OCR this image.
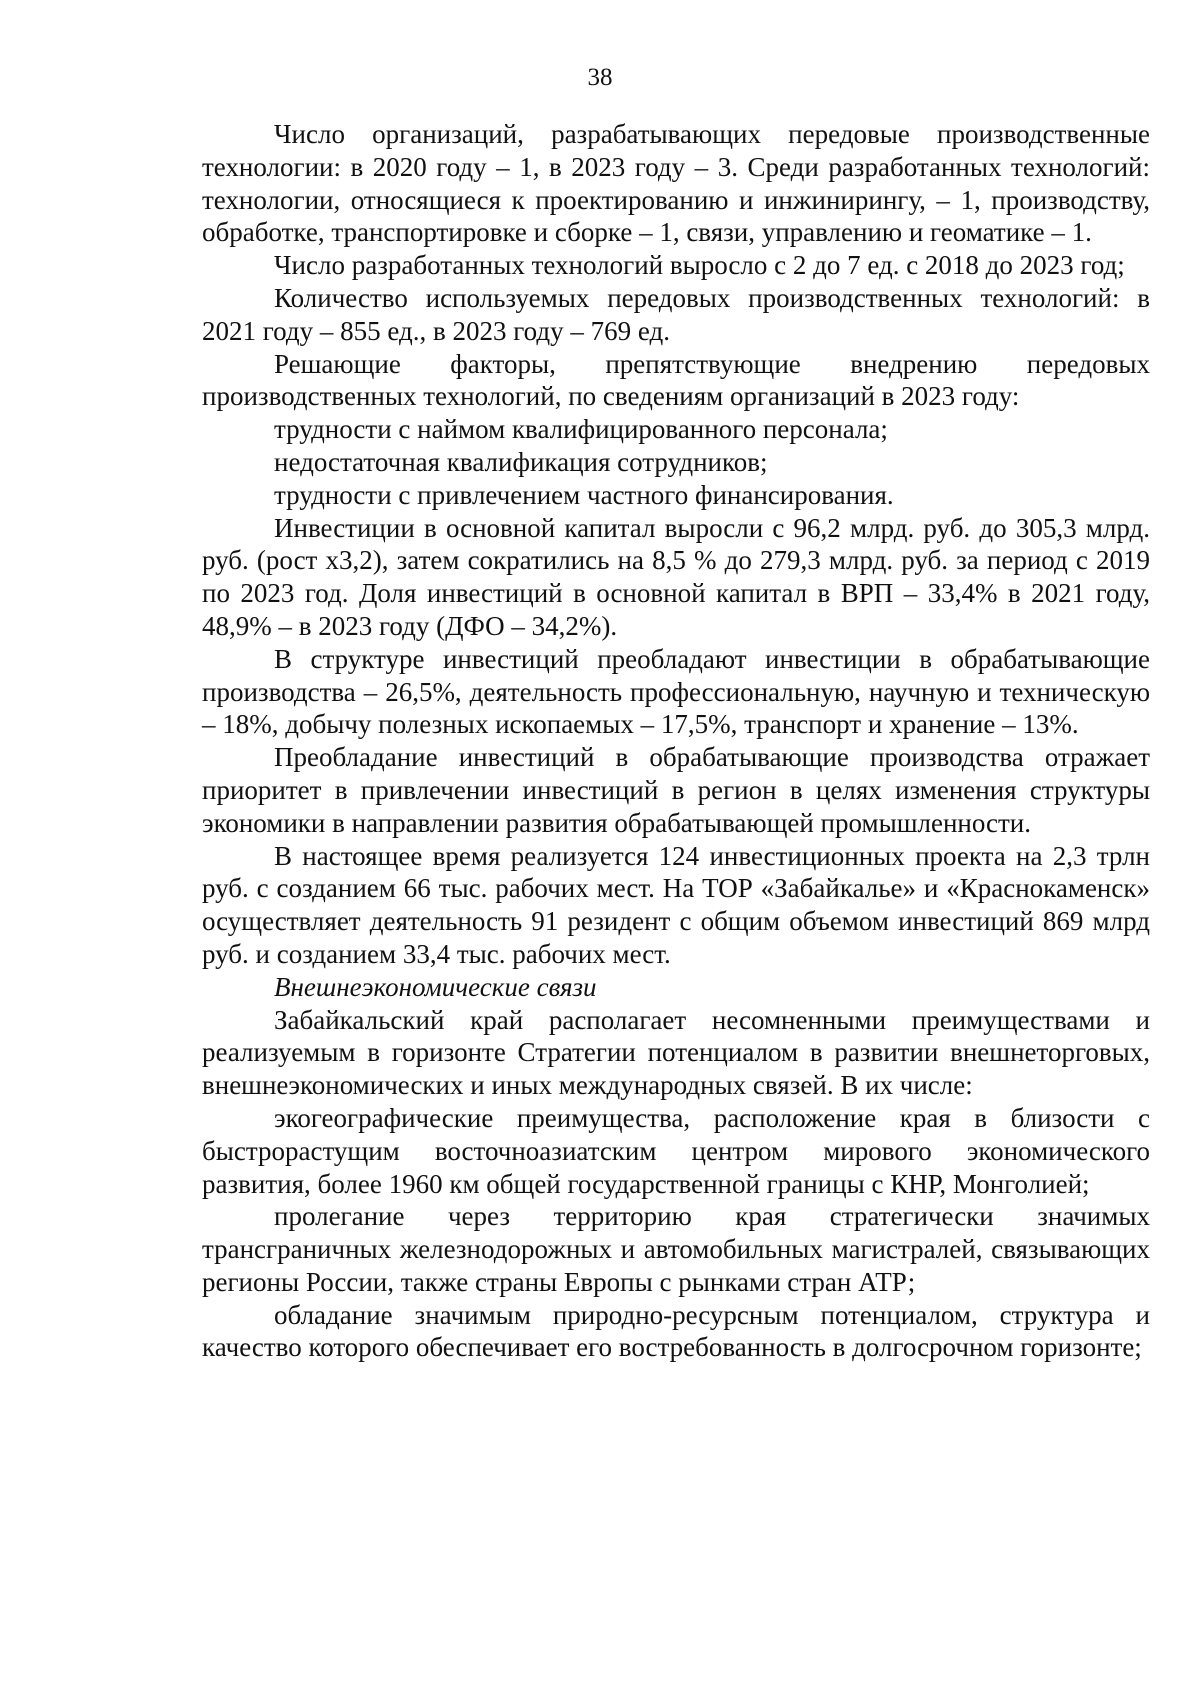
38

Число организаций, разрабатывающих передовые производственные технологии: в 2020 году – 1, в 2023 году – 3. Среди разработанных технологий: технологии, относящиеся к проектированию и инжинирингу, – 1, производству, обработке, транспортировке и сборке – 1, связи, управлению и геоматике – 1.

Число разработанных технологий выросло с 2 до 7 ед. с 2018 до 2023 год;

Количество используемых передовых производственных технологий: в 2021 году – 855 ед., в 2023 году – 769 ед.

Решающие факторы, препятствующие внедрению передовых производственных технологий, по сведениям организаций в 2023 году:

трудности с наймом квалифицированного персонала;

недостаточная квалификация сотрудников;

трудности с привлечением частного финансирования.

Инвестиции в основной капитал выросли с 96,2 млрд. руб. до 305,3 млрд. руб. (рост x3,2), затем сократились на 8,5 % до 279,3 млрд. руб. за период с 2019 по 2023 год. Доля инвестиций в основной капитал в ВРП – 33,4% в 2021 году, 48,9% – в 2023 году (ДФО – 34,2%).

В структуре инвестиций преобладают инвестиции в обрабатывающие производства – 26,5%, деятельность профессиональную, научную и техническую – 18%, добычу полезных ископаемых – 17,5%, транспорт и хранение – 13%.

Преобладание инвестиций в обрабатывающие производства отражает приоритет в привлечении инвестиций в регион в целях изменения структуры экономики в направлении развития обрабатывающей промышленности.

В настоящее время реализуется 124 инвестиционных проекта на 2,3 трлн руб. с созданием 66 тыс. рабочих мест. На ТОР «Забайкалье» и «Краснокаменск» осуществляет деятельность 91 резидент с общим объемом инвестиций 869 млрд руб. и созданием 33,4 тыс. рабочих мест.

Внешнеэкономические связи

Забайкальский край располагает несомненными преимуществами и реализуемым в горизонте Стратегии потенциалом в развитии внешнеторговых, внешнеэкономических и иных международных связей. В их числе:

экогеографические преимущества, расположение края в близости с быстрорастущим восточноазиатским центром мирового экономического развития, более 1960 км общей государственной границы с КНР, Монголией;

пролегание через территорию края стратегически значимых трансграничных железнодорожных и автомобильных магистралей, связывающих регионы России, также страны Европы с рынками стран АТР;

обладание значимым природно-ресурсным потенциалом, структура и качество которого обеспечивает его востребованность в долгосрочном горизонте;
